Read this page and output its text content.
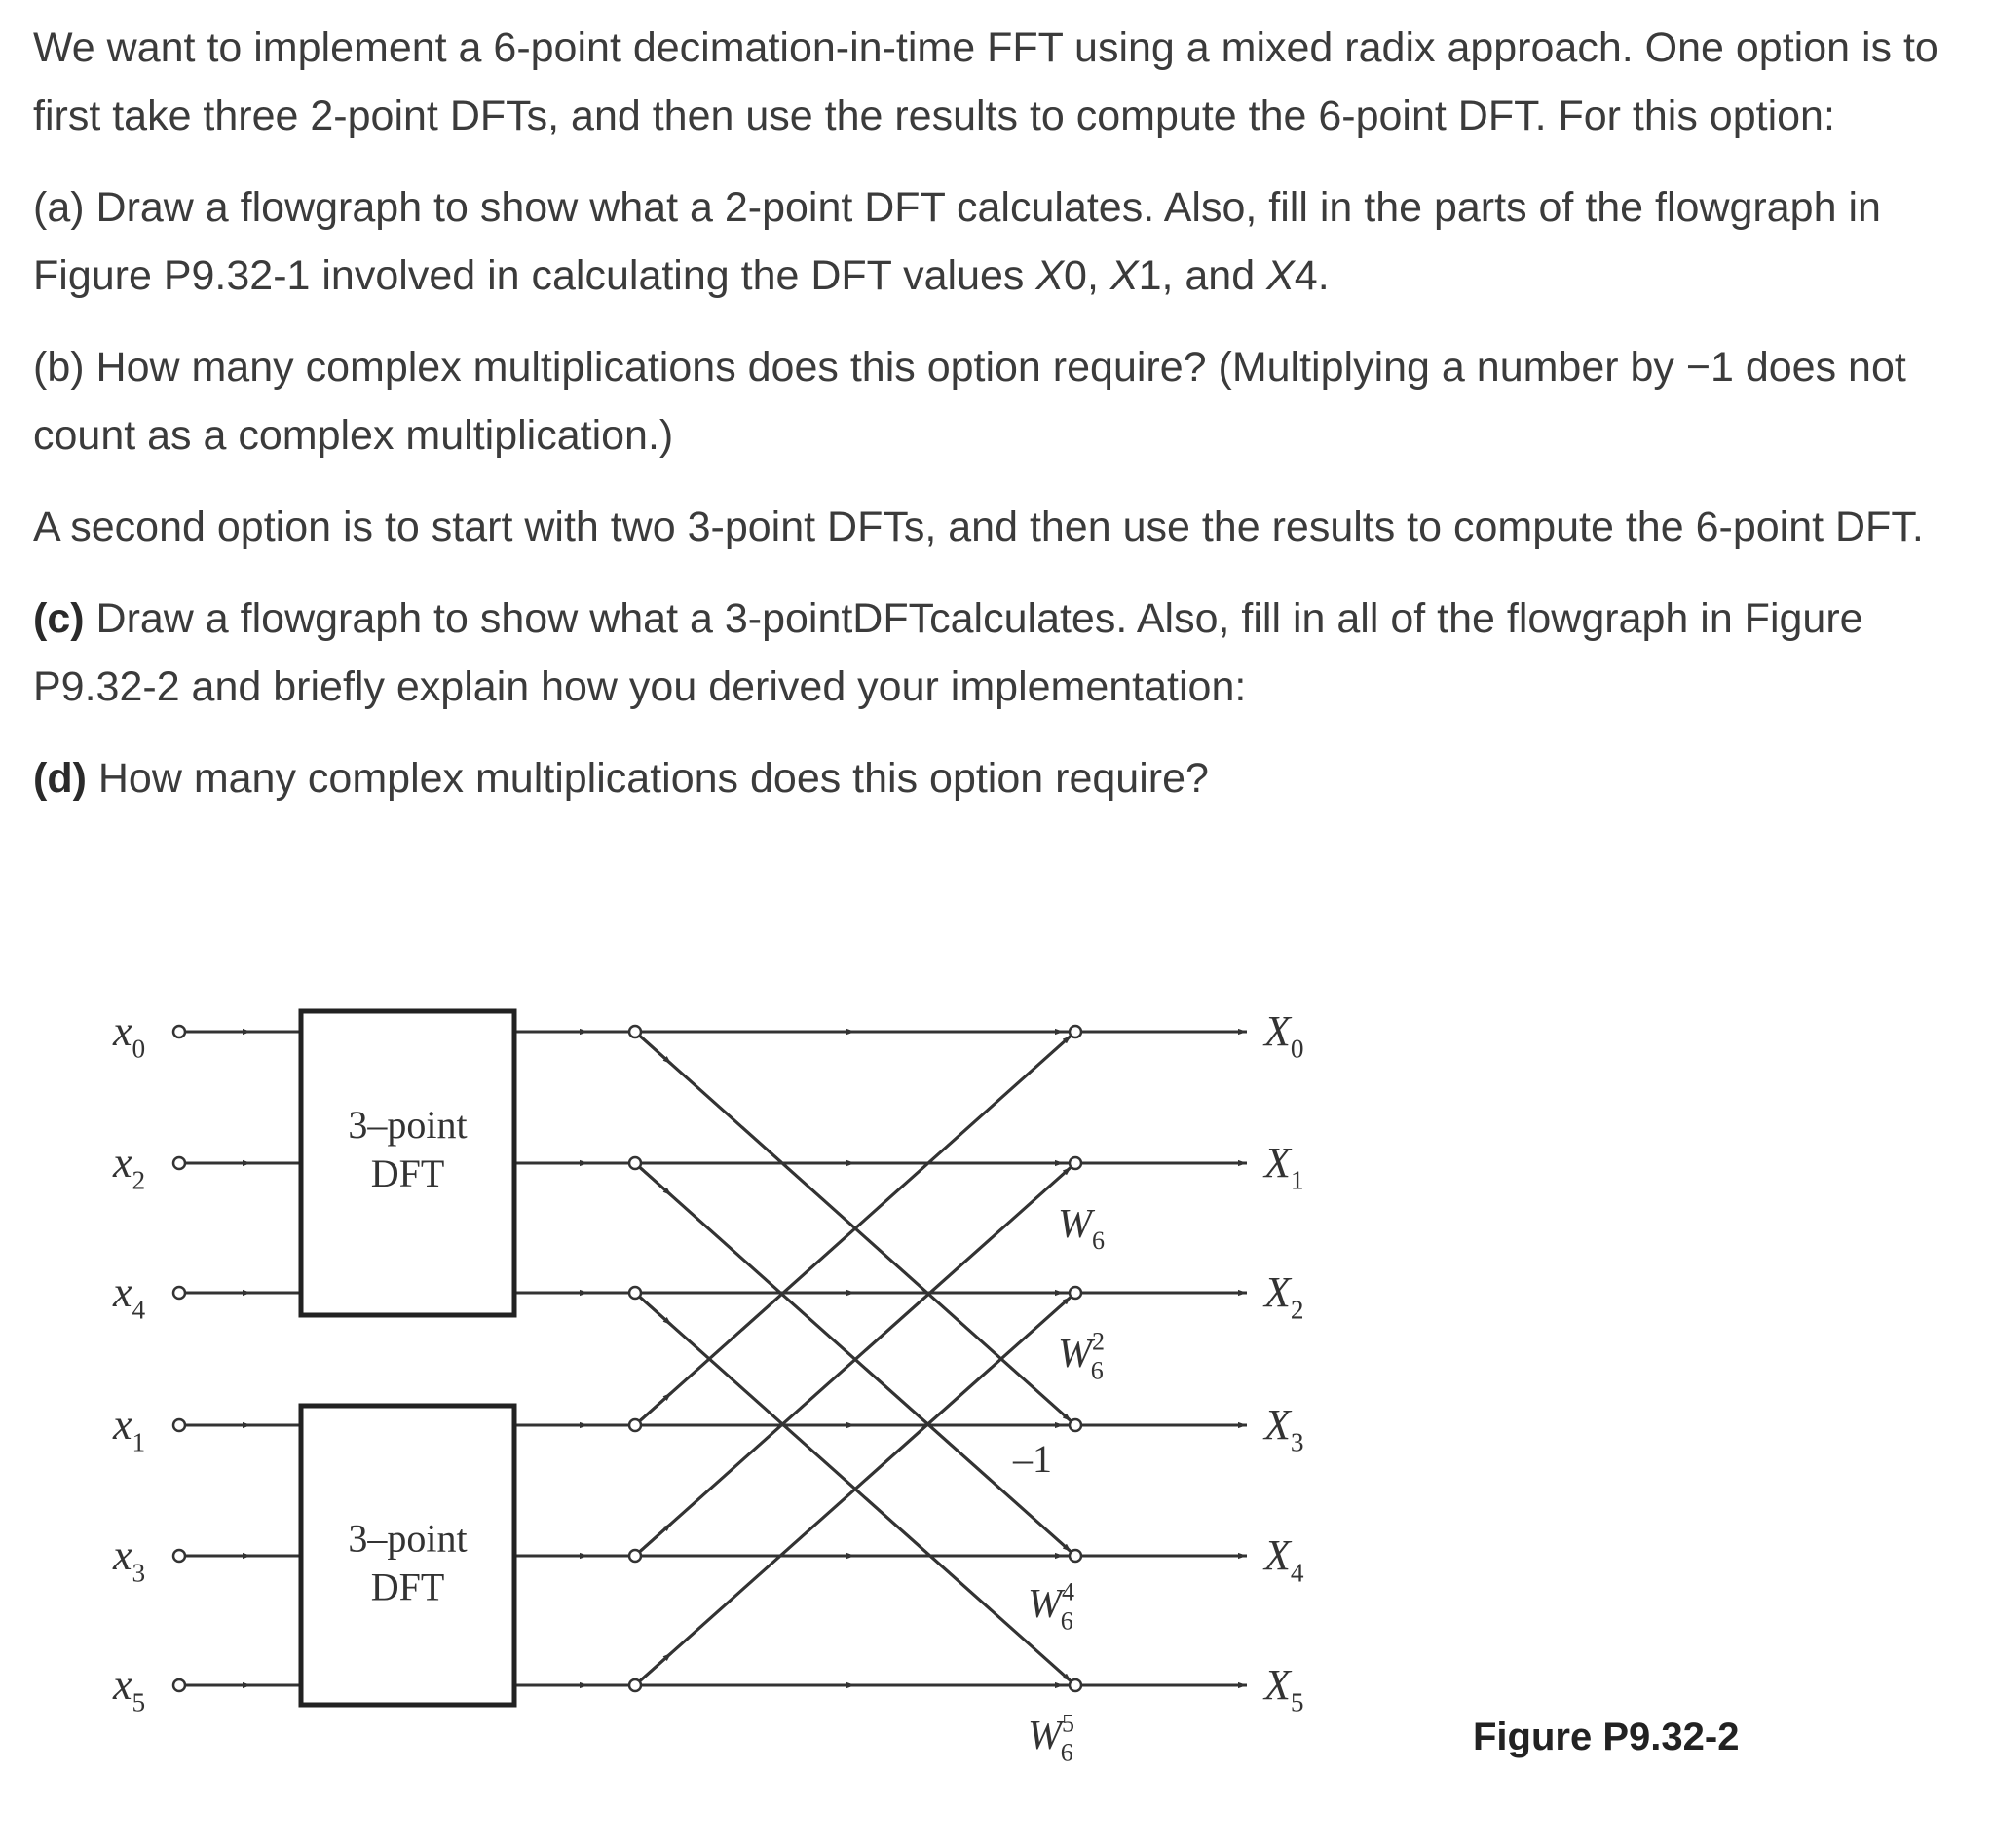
We want to implement a 6-point decimation-in-time FFT using a mixed radix approach. One option is to first take three 2-point DFTs, and then use the results to compute the 6-point DFT. For this option:

(a) Draw a flowgraph to show what a 2-point DFT calculates. Also, fill in the parts of the flowgraph in Figure P9.32-1 involved in calculating the DFT values X0, X1, and X4.

(b) How many complex multiplications does this option require? (Multiplying a number by −1 does not count as a complex multiplication.)

A second option is to start with two 3-point DFTs, and then use the results to compute the 6-point DFT.

(c) Draw a flowgraph to show what a 3-pointDFTcalculates. Also, fill in all of the flowgraph in Figure P9.32-2 and briefly explain how you derived your implementation:

(d) How many complex multiplications does this option require?

$x_0$
$x_2$
$x_4$
$x_1$
$x_3$
$x_5$
3–point
DFT
3–point
DFT
$X_0$
$X_1$
$X_2$
$X_3$
$X_4$
$X_5$
$W_6$
$W^2$ 6
–1
$W^4$ 6
$W^5$ 6	Figure P9.32-2
